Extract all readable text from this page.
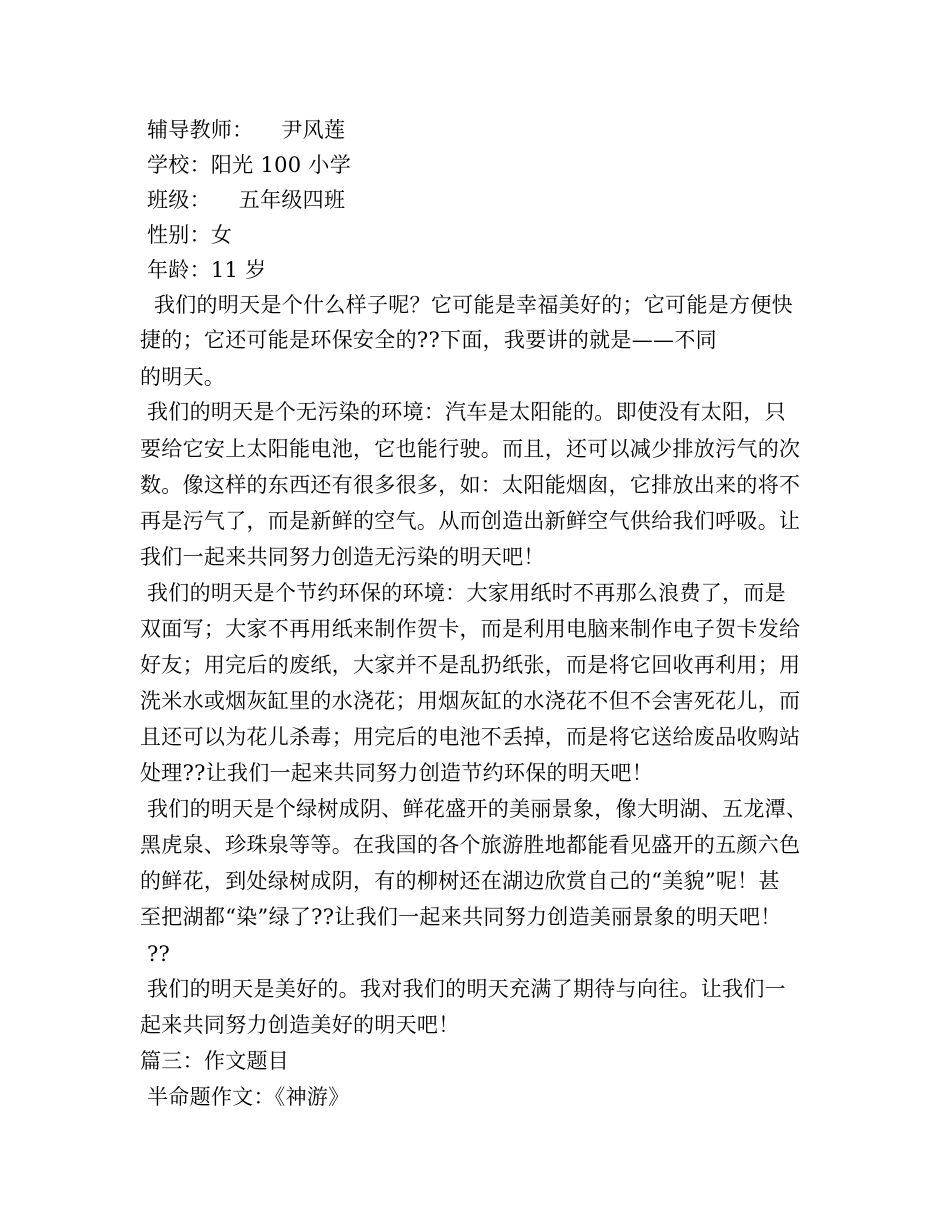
辅导教师：    尹风莲
学校：阳光 100 小学
班级：    五年级四班
性别：女
年龄：11 岁
我们的明天是个什么样子呢？它可能是幸福美好的；它可能是方便快
捷的；它还可能是环保安全的??下面，我要讲的就是——不同
的明天。
我们的明天是个无污染的环境：汽车是太阳能的。即使没有太阳，只
要给它安上太阳能电池，它也能行驶。而且，还可以减少排放污气的次
数。像这样的东西还有很多很多，如：太阳能烟囱，它排放出来的将不
再是污气了，而是新鲜的空气。从而创造出新鲜空气供给我们呼吸。让
我们一起来共同努力创造无污染的明天吧！
我们的明天是个节约环保的环境：大家用纸时不再那么浪费了，而是
双面写；大家不再用纸来制作贺卡，而是利用电脑来制作电子贺卡发给
好友；用完后的废纸，大家并不是乱扔纸张，而是将它回收再利用；用
洗米水或烟灰缸里的水浇花；用烟灰缸的水浇花不但不会害死花儿，而
且还可以为花儿杀毒；用完后的电池不丢掉，而是将它送给废品收购站
处理??让我们一起来共同努力创造节约环保的明天吧！
我们的明天是个绿树成阴、鲜花盛开的美丽景象，像大明湖、五龙潭、
黑虎泉、珍珠泉等等。在我国的各个旅游胜地都能看见盛开的五颜六色
的鲜花，到处绿树成阴，有的柳树还在湖边欣赏自己的“美貌”呢！甚
至把湖都“染”绿了??让我们一起来共同努力创造美丽景象的明天吧！
??
我们的明天是美好的。我对我们的明天充满了期待与向往。让我们一
起来共同努力创造美好的明天吧！
篇三：作文题目
半命题作文：《神游》
